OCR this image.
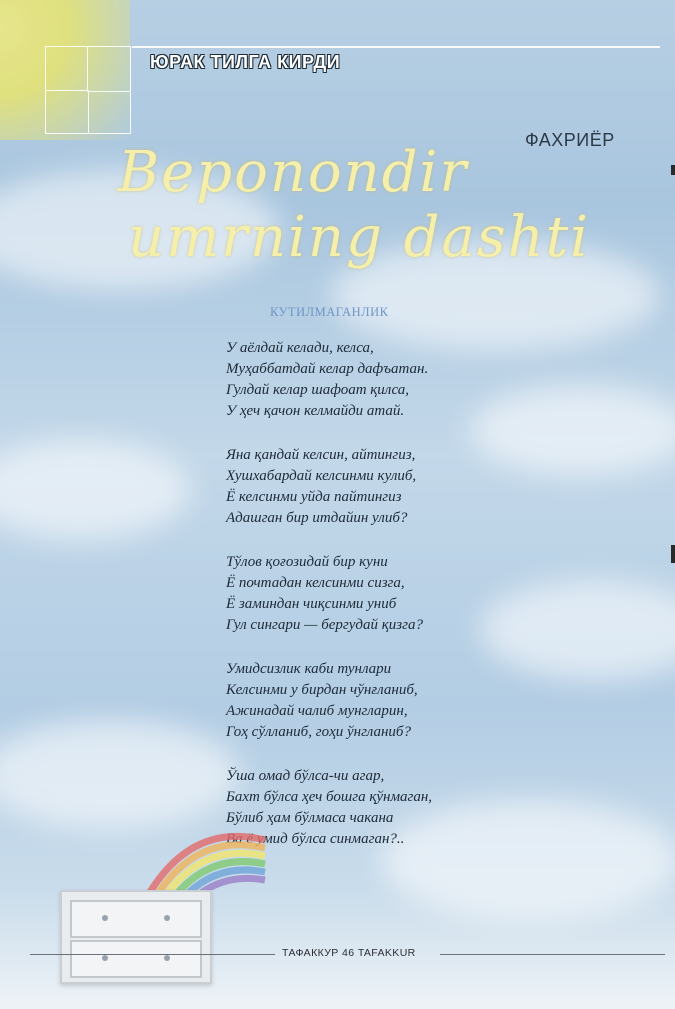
ЮРАК ТИЛГА КИРДИ
ФАХРИЁР
Beponondir
umrning dashti
КУТИЛМАГАНЛИК
У аёлдай келади, келса,
Муҳаббатдай келар дафъатан.
Гулдай келар шафоат қилса,
У ҳеч қачон келмайди атай.
Яна қандай келсин, айтингиз,
Хушхабардай келсинми кулиб,
Ё келсинми уйда пайтингиз
Адашган бир итдайин улиб?
Тўлов қоғозидай бир куни
Ё почтадан келсинми сизга,
Ё заминдан чиқсинми униб
Гул сингари — бергудай қизга?
Умидсизлик каби тунлари
Келсинми у бирдан чўнғланиб,
Ажинадай чалиб мунгларин,
Гоҳ сўлланиб, гоҳи ўнгланиб?
Ўша омад бўлса-чи агар,
Бахт бўлса ҳеч бошга қўнмаган,
Бўлиб ҳам бўлмаса чакана
Ва ё умид бўлса синмаган?..
ТАФАККУР 46 TAFAKKUR
